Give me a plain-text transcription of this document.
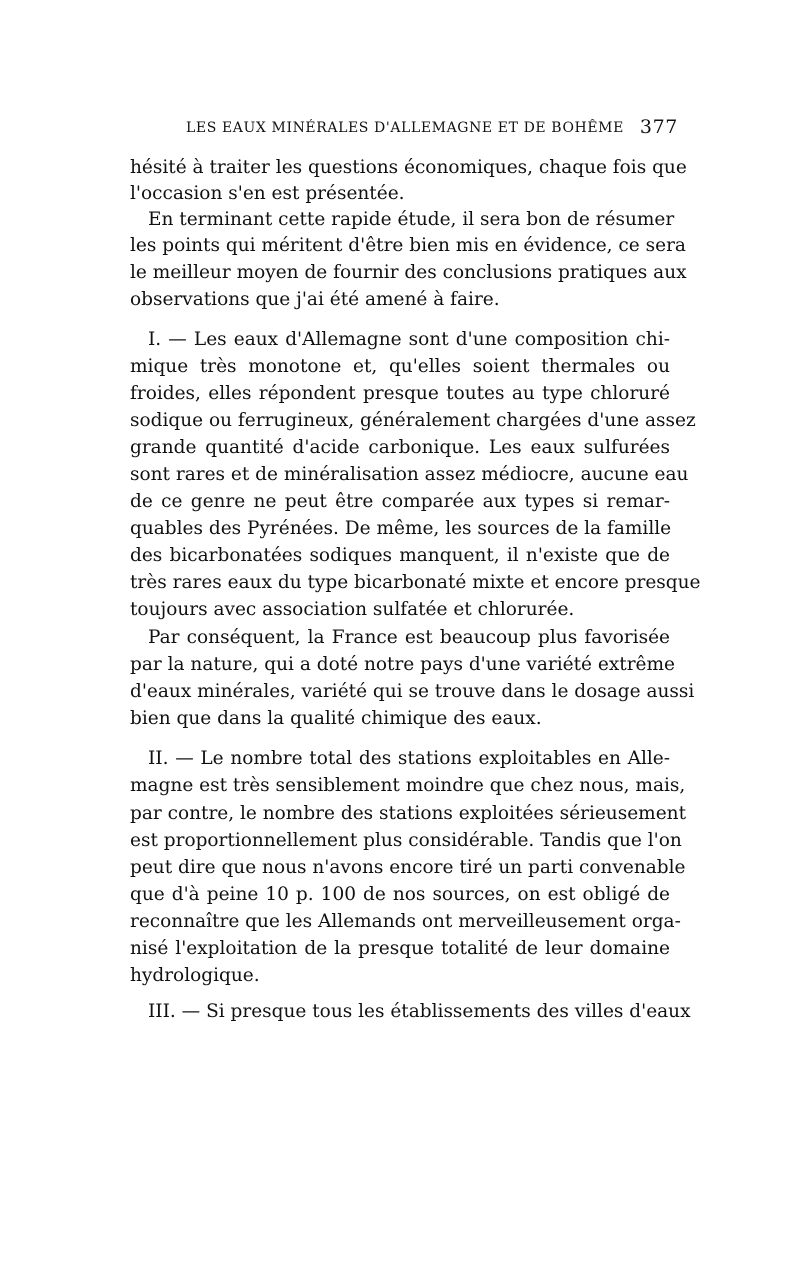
LES EAUX MINÉRALES D'ALLEMAGNE ET DE BOHÊME 377
hésité à traiter les questions économiques, chaque fois que
l'occasion s'en est présentée.
En terminant cette rapide étude, il sera bon de résumer
les points qui méritent d'être bien mis en évidence, ce sera
le meilleur moyen de fournir des conclusions pratiques aux
observations que j'ai été amené à faire.
I. — Les eaux d'Allemagne sont d'une composition chi-
mique très monotone et, qu'elles soient thermales ou
froides, elles répondent presque toutes au type chloruré
sodique ou ferrugineux, généralement chargées d'une assez
grande quantité d'acide carbonique. Les eaux sulfurées
sont rares et de minéralisation assez médiocre, aucune eau
de ce genre ne peut être comparée aux types si remar-
quables des Pyrénées. De même, les sources de la famille
des bicarbonatées sodiques manquent, il n'existe que de
très rares eaux du type bicarbonaté mixte et encore presque
toujours avec association sulfatée et chlorurée.
Par conséquent, la France est beaucoup plus favorisée
par la nature, qui a doté notre pays d'une variété extrême
d'eaux minérales, variété qui se trouve dans le dosage aussi
bien que dans la qualité chimique des eaux.
II. — Le nombre total des stations exploitables en Alle-
magne est très sensiblement moindre que chez nous, mais,
par contre, le nombre des stations exploitées sérieusement
est proportionnellement plus considérable. Tandis que l'on
peut dire que nous n'avons encore tiré un parti convenable
que d'à peine 10 p. 100 de nos sources, on est obligé de
reconnaître que les Allemands ont merveilleusement orga-
nisé l'exploitation de la presque totalité de leur domaine
hydrologique.
III. — Si presque tous les établissements des villes d'eaux
